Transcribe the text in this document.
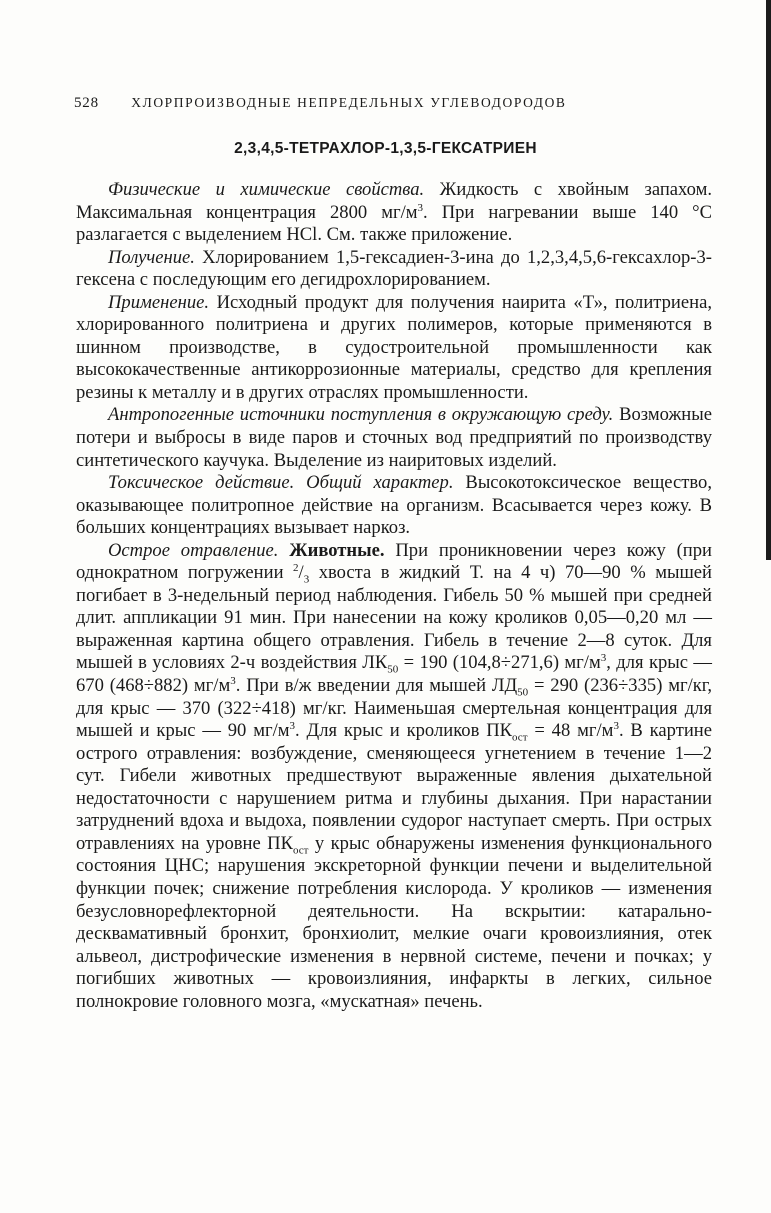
528 ХЛОРПРОИЗВОДНЫЕ НЕПРЕДЕЛЬНЫХ УГЛЕВОДОРОДОВ
2,3,4,5-ТЕТРАХЛОР-1,3,5-ГЕКСАТРИЕН

Физические и химические свойства. Жидкость с хвойным запахом. Максимальная концентрация 2800 $мг/м^3$. При нагревании выше 140 °С разлагается с выделением HCl. См. также приложение.

Получение. Хлорированием 1,5-гексадиен-3-ина до 1,2,3,4,5,6-гексахлор-3-гексена с последующим его дегидрохлорированием.

Применение. Исходный продукт для получения наирита «Т», политриена, хлорированного политриена и других полимеров, которые применяются в шинном производстве, в судостроительной промышленности как высококачественные антикоррозионные материалы, средство для крепления резины к металлу и в других отраслях промышленности.

Антропогенные источники поступления в окружающую среду. Возможные потери и выбросы в виде паров и сточных вод предприятий по производству синтетического каучука. Выделение из наиритовых изделий.

Токсическое действие. Общий характер. Высокотоксическое вещество, оказывающее политропное действие на организм. Всасывается через кожу. В больших концентрациях вызывает наркоз.

Острое отравление. Животные. При проникновении через кожу (при однократном погружении $^2/_3$ хвоста в жидкий Т. на 4 ч) 70—90 % мышей погибает в 3-недельный период наблюдения. Гибель 50 % мышей при средней длит. аппликации 91 мин. При нанесении на кожу кроликов 0,05—0,20 мл — выраженная картина общего отравления. Гибель в течение 2—8 суток. Для мышей в условиях 2-ч воздействия $ЛК_{50} = 190$ (104,8÷271,6) $мг/м^3$, для крыс — 670 (468÷882) $мг/м^3$. При в/ж введении для мышей $ЛД_{50} = 290$ (236÷335) мг/кг, для крыс — 370 (322÷418) мг/кг. Наименьшая смертельная концентрация для мышей и крыс — 90 $мг/м^3$. Для крыс и кроликов $ПК_{ост} = 48$ $мг/м^3$. В картине острого отравления: возбуждение, сменяющееся угнетением в течение 1—2 сут. Гибели животных предшествуют выраженные явления дыхательной недостаточности с нарушением ритма и глубины дыхания. При нарастании затруднений вдоха и выдоха, появлении судорог наступает смерть. При острых отравлениях на уровне $ПК_{ост}$ у крыс обнаружены изменения функционального состояния ЦНС; нарушения экскреторной функции печени и выделительной функции почек; снижение потребления кислорода. У кроликов — изменения безусловнорефлекторной деятельности. На вскрытии: катарально-десквамативный бронхит, бронхиолит, мелкие очаги кровоизлияния, отек альвеол, дистрофические изменения в нервной системе, печени и почках; у погибших животных — кровоизлияния, инфаркты в легких, сильное полнокровие головного мозга, «мускатная» печень.
